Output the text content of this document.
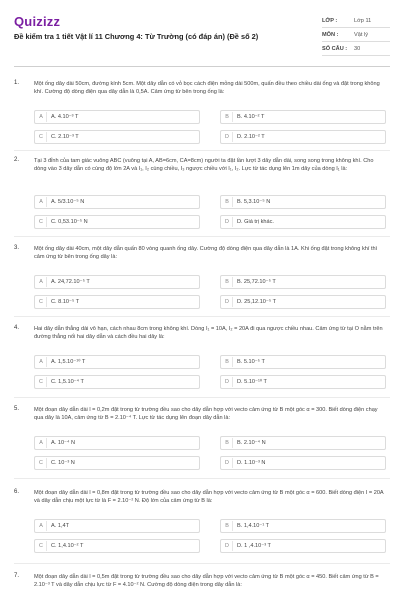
Quizizz
Đề kiểm tra 1 tiết Vật lí 11 Chương 4: Từ Trường (có đáp án) (Đề số 2)
LỚP :	Lớp 11
MÔN :	Vật lý
SỐ CÂU :	30
1.	Một ống dây dài 50cm, đường kính 5cm. Một dây dẫn có vỏ bọc cách điện mỏng dài 500m, quấn đều theo chiều dài ống và đặt trong không khí. Cường độ dòng điện qua dây dẫn là 0,5A. Cảm ứng từ bên trong ống là:
A	A. 4.10⁻³ T	B	B. 4.10⁻² T
C	C. 2.10⁻³ T	D	D. 2.10⁻² T
2.	Tại 3 đỉnh của tam giác vuông ABC (vuông tại A, AB=6cm, CA=8cm) người ta đặt lần lượt 3 dây dẫn dài, song song trong không khí. Cho dòng vào 3 dây dẫn có cùng độ lớn 2A và I₁, I₂ cùng chiều, I₃ ngược chiều với I₁, I₂. Lực từ tác dụng lên 1m dây của dòng I₁ là:
A	A. 5/3.10⁻⁵ N	B	B. 5,3.10⁻⁵ N
C	C. 0,53.10⁻⁵ N	D	D. Giá trị khác.
3.	Một ống dây dài 40cm, một dây dẫn quấn 80 vòng quanh ống dây. Cường độ dòng điện qua dây dẫn là 1A. Khi ống đặt trong không khí thì cảm ứng từ bên trong ống dây là:
A	A. 24,72.10⁻⁵ T	B	B. 25,72.10⁻⁵ T
C	C. 8.10⁻⁵ T	D	D. 25,12.10⁻⁵ T
4.	Hai dây dẫn thẳng dài vô hạn, cách nhau 8cm trong không khí. Dòng I₁ = 10A, I₂ = 20A đi qua ngược chiều nhau. Cảm ứng từ tại O nằm trên đường thẳng nối hai dây dẫn và cách đều hai dây là:
A	A. 1,5.10⁻¹⁰ T	B	B. 5.10⁻⁵ T
C	C. 1,5.10⁻⁴ T	D	D. 5.10⁻¹⁰ T
5.	Một đoạn dây dẫn dài l = 0,2m đặt trong từ trường đều sao cho dây dẫn hợp với vecto cảm ứng từ B một góc α = 300. Biết dòng điện chạy qua dây là 10A, cảm ứng từ B = 2.10⁻⁴ T. Lực từ tác dụng lên đoạn dây dẫn là:
A	A. 10⁻⁴ N	B	B. 2.10⁻⁴ N
C	C. 10⁻³ N	D	D. 1.10⁻³ N
6.	Một đoạn dây dẫn dài l = 0,8m đặt trong từ trường đều sao cho dây dẫn hợp với vecto cảm ứng từ B một góc α = 600. Biết dòng điện I = 20A và dây dẫn chịu một lực từ là F = 2.10⁻² N. Độ lớn của cảm ứng từ B là:
A	A. 1,4T	B	B. 1,4.10⁻¹ T
C	C. 1,4.10⁻² T	D	D. 1 ,4.10⁻³ T
7.	Một đoạn dây dẫn dài l = 0,5m đặt trong từ trường đều sao cho dây dẫn hợp với vecto cảm ứng từ B một góc α = 450. Biết cảm ứng từ B = 2.10⁻³ T và dây dẫn chịu lực từ F = 4.10⁻² N. Cường độ dòng điện trong dây dẫn là:
